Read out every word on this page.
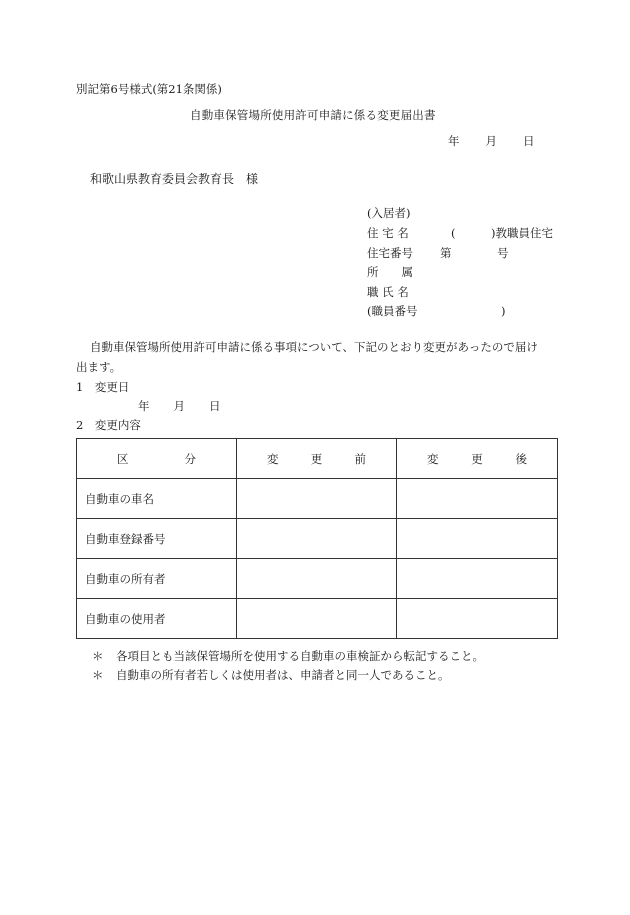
別記第6号様式(第21条関係)
自動車保管場所使用許可申請に係る変更届出書
年 月 日
和歌山県教育委員会教育長　様
(入居者)
住 宅 名	(	)教職員住宅
住宅番号 第	号
所　　属
職 氏 名
(職員番号	)
自動車保管場所使用許可申請に係る事項について、下記のとおり変更があったので届け
出ます。
1　変更日
年 月 日
2　変更内容
区 分	変 更 前	変 更 後

自動車の車名		
自動車登録番号		
自動車の所有者		
自動車の使用者		
＊ 各項目とも当該保管場所を使用する自動車の車検証から転記すること。
＊ 自動車の所有者若しくは使用者は、申請者と同一人であること。
